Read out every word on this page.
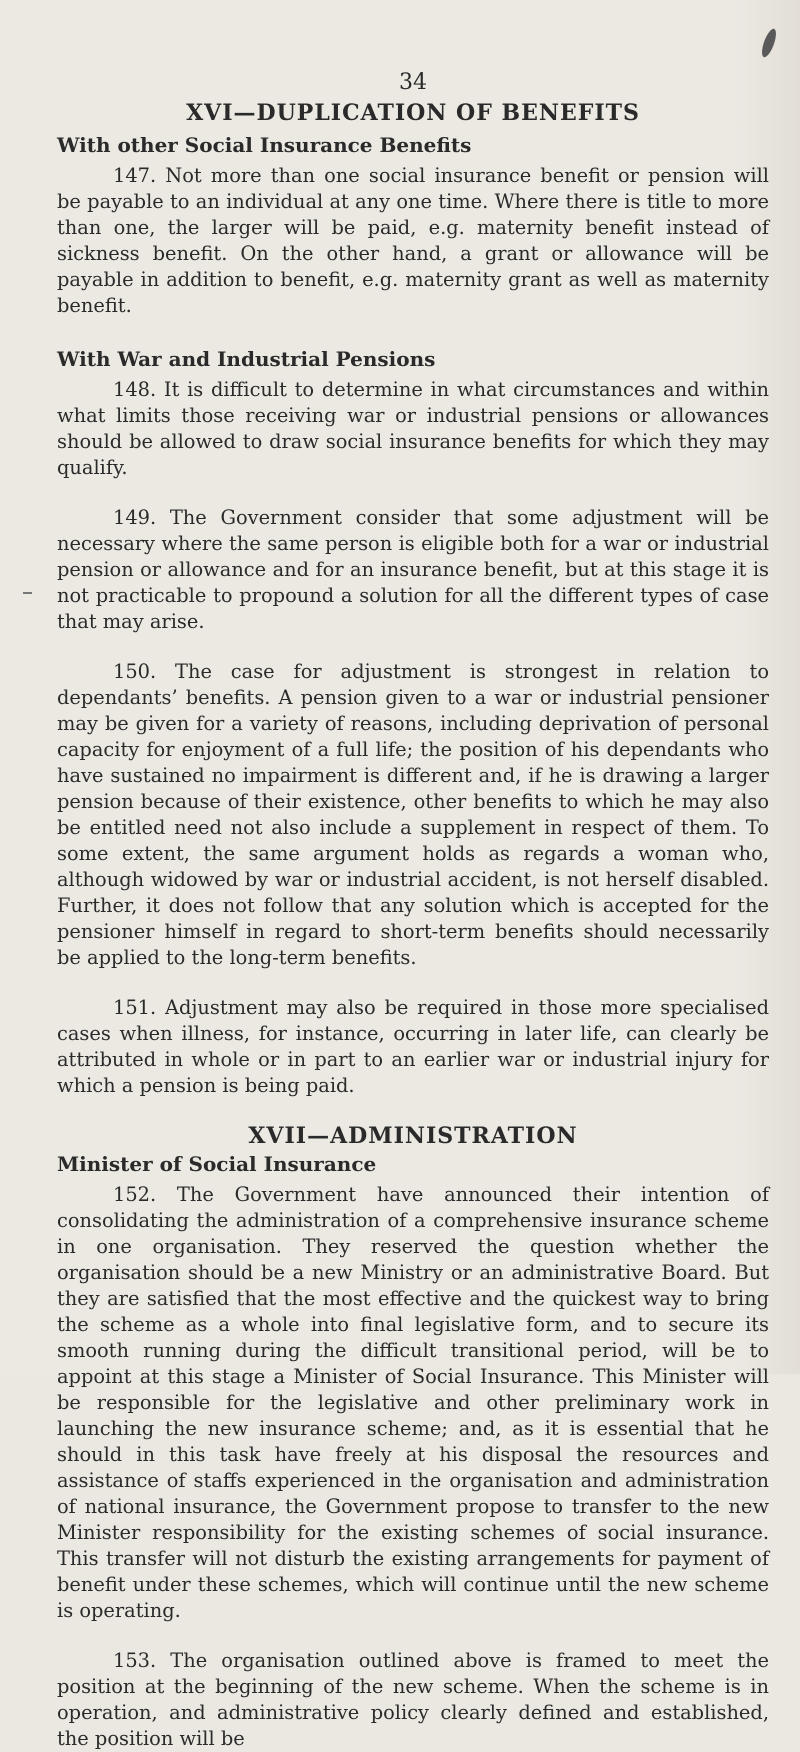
34
XVI—DUPLICATION OF BENEFITS
With other Social Insurance Benefits

147. Not more than one social insurance benefit or pension will be payable to an individual at any one time. Where there is title to more than one, the larger will be paid, e.g. maternity benefit instead of sickness benefit. On the other hand, a grant or allowance will be payable in addition to benefit, e.g. maternity grant as well as maternity benefit.

With War and Industrial Pensions

148. It is difficult to determine in what circumstances and within what limits those receiving war or industrial pensions or allowances should be allowed to draw social insurance benefits for which they may qualify.

149. The Government consider that some adjustment will be necessary where the same person is eligible both for a war or industrial pension or allowance and for an insurance benefit, but at this stage it is not practicable to propound a solution for all the different types of case that may arise.

150. The case for adjustment is strongest in relation to dependants’ benefits. A pension given to a war or industrial pensioner may be given for a variety of reasons, including deprivation of personal capacity for enjoyment of a full life; the position of his dependants who have sustained no impairment is different and, if he is drawing a larger pension because of their existence, other benefits to which he may also be entitled need not also include a supplement in respect of them. To some extent, the same argument holds as regards a woman who, although widowed by war or industrial accident, is not herself disabled. Further, it does not follow that any solution which is accepted for the pensioner himself in regard to short-term benefits should necessarily be applied to the long-term benefits.

151. Adjustment may also be required in those more specialised cases when illness, for instance, occurring in later life, can clearly be attributed in whole or in part to an earlier war or industrial injury for which a pension is being paid.

XVII—ADMINISTRATION
Minister of Social Insurance

152. The Government have announced their intention of consolidating the administration of a comprehensive insurance scheme in one organisation. They reserved the question whether the organisation should be a new Ministry or an administrative Board. But they are satisfied that the most effective and the quickest way to bring the scheme as a whole into final legislative form, and to secure its smooth running during the difficult transitional period, will be to appoint at this stage a Minister of Social Insurance. This Minister will be responsible for the legislative and other preliminary work in launching the new insurance scheme; and, as it is essential that he should in this task have freely at his disposal the resources and assistance of staffs experienced in the organisation and administration of national insurance, the Government propose to transfer to the new Minister responsibility for the existing schemes of social insurance. This transfer will not disturb the existing arrangements for payment of benefit under these schemes, which will continue until the new scheme is operating.

153. The organisation outlined above is framed to meet the position at the beginning of the new scheme. When the scheme is in operation, and administrative policy clearly defined and established, the position will be
